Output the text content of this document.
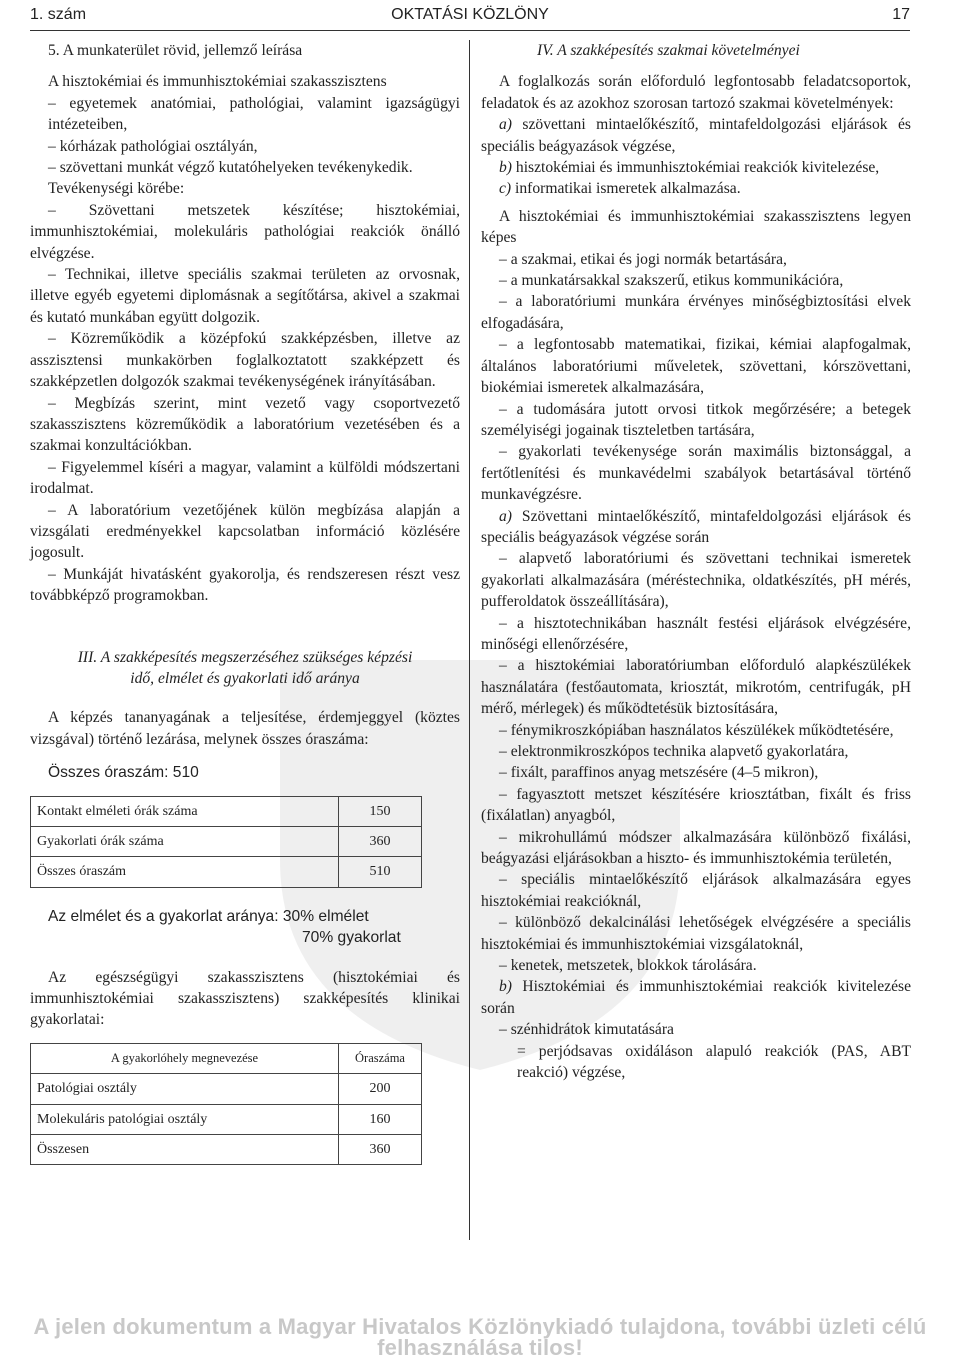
1. szám	OKTATÁSI KÖZLÖNY	17

5. A munkaterület rövid, jellemző leírása

A hisztokémiai és immunhisztokémiai szakasszisztens

– egyetemek anatómiai, pathológiai, valamint igazságügyi intézeteiben,

– kórházak pathológiai osztályán,

– szövettani munkát végző kutatóhelyeken tevékenykedik.

Tevékenységi körébe:

– Szövettani metszetek készítése; hisztokémiai, immunhisztokémiai, molekuláris pathológiai reakciók önálló elvégzése.

– Technikai, illetve speciális szakmai területen az orvosnak, illetve egyéb egyetemi diplomásnak a segítőtársa, akivel a szakmai és kutató munkában együtt dolgozik.

– Közreműködik a középfokú szakképzésben, illetve az asszisztensi munkakörben foglalkoztatott szakképzett és szakképzetlen dolgozók szakmai tevékenységének irányításában.

– Megbízás szerint, mint vezető vagy csoportvezető szakasszisztens közreműködik a laboratórium vezetésében és a szakmai konzultációkban.

– Figyelemmel kíséri a magyar, valamint a külföldi módszertani irodalmat.

– A laboratórium vezetőjének külön megbízása alapján a vizsgálati eredményekkel kapcsolatban információ közlésére jogosult.

– Munkáját hivatásként gyakorolja, és rendszeresen részt vesz továbbképző programokban.

III. A szakképesítés megszerzéséhez szükséges képzési

idő, elmélet és gyakorlati idő aránya

A képzés tananyagának a teljesítése, érdemjeggyel (köztes vizsgával) történő lezárása, melynek összes óraszáma:

Összes óraszám: 510

Kontakt elméleti órák száma	150
Gyakorlati órák száma	360
Összes óraszám	510

Az elmélet és a gyakorlat aránya: 30% elmélet

70% gyakorlat

Az egészségügyi szakasszisztens (hisztokémiai és immunhisztokémiai szakasszisztens) szakképesítés klinikai gyakorlatai:

A gyakorlóhely megnevezése	Óraszáma
Patológiai osztály	200
Molekuláris patológiai osztály	160
Összesen	360

IV. A szakképesítés szakmai követelményei

A foglalkozás során előforduló legfontosabb feladatcsoportok, feladatok és az azokhoz szorosan tartozó szakmai követelmények:

a) szövettani mintaelőkészítő, mintafeldolgozási eljárások és speciális beágyazások végzése,

b) hisztokémiai és immunhisztokémiai reakciók kivitelezése,

c) informatikai ismeretek alkalmazása.

A hisztokémiai és immunhisztokémiai szakasszisztens legyen képes

– a szakmai, etikai és jogi normák betartására,

– a munkatársakkal szakszerű, etikus kommunikációra,

– a laboratóriumi munkára érvényes minőségbiztosítási elvek elfogadására,

– a legfontosabb matematikai, fizikai, kémiai alapfogalmak, általános laboratóriumi műveletek, szövettani, kórszövettani, biokémiai ismeretek alkalmazására,

– a tudomására jutott orvosi titkok megőrzésére; a betegek személyiségi jogainak tiszteletben tartására,

– gyakorlati tevékenysége során maximális biztonsággal, a fertőtlenítési és munkavédelmi szabályok betartásával történő munkavégzésre.

a) Szövettani mintaelőkészítő, mintafeldolgozási eljárások és speciális beágyazások végzése során

– alapvető laboratóriumi és szövettani technikai ismeretek gyakorlati alkalmazására (méréstechnika, oldatkészítés, pH mérés, pufferoldatok összeállítására),

– a hisztotechnikában használt festési eljárások elvégzésére, minőségi ellenőrzésére,

– a hisztokémiai laboratóriumban előforduló alapkészülékek használatára (festőautomata, kriosztát, mikrotóm, centrifugák, pH mérő, mérlegek) és működtetésük biztosítására,

– fénymikroszkópiában használatos készülékek működtetésére,

– elektronmikroszkópos technika alapvető gyakorlatára,

– fixált, paraffinos anyag metszésére (4–5 mikron),

– fagyasztott metszet készítésére kriosztátban, fixált és friss (fixálatlan) anyagból,

– mikrohullámú módszer alkalmazására különböző fixálási, beágyazási eljárásokban a hiszto- és immunhisztokémia területén,

– speciális mintaelőkészítő eljárások alkalmazására egyes hisztokémiai reakcióknál,

– különböző dekalcinálási lehetőségek elvégzésére a speciális hisztokémiai és immunhisztokémiai vizsgálatoknál,

– kenetek, metszetek, blokkok tárolására.

b) Hisztokémiai és immunhisztokémiai reakciók kivitelezése során

– szénhidrátok kimutatására

= perjódsavas oxidáláson alapuló reakciók (PAS, ABT reakció) végzése,

A jelen dokumentum a Magyar Hivatalos Közlönykiadó tulajdona, további üzleti célú felhasználása tilos!
